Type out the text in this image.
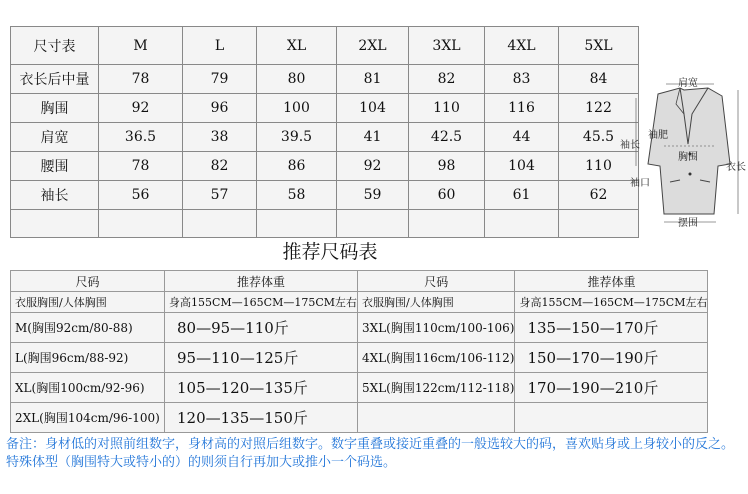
尺寸表	M	L	XL	2XL	3XL	4XL	5XL
衣长后中量	78	79	80	81	82	83	84
胸围	92	96	100	104	110	116	122
肩宽	36.5	38	39.5	41	42.5	44	45.5
腰围	78	82	86	92	98	104	110
袖长	56	57	58	59	60	61	62

肩宽
袖肥
胸围
袖长
袖口
衣长
摆围
推荐尺码表
尺码	推荐体重	尺码	推荐体重
衣服胸围/人体胸围	身高155CM—165CM—175CM左右	衣服胸围/人体胸围	身高155CM—165CM—175CM左右
M(胸围92cm/80-88)	80—95—110斤	3XL(胸围110cm/100-106)	135—150—170斤
L(胸围96cm/88-92)	95—110—125斤	4XL(胸围116cm/106-112)	150—170—190斤
XL(胸围100cm/92-96)	105—120—135斤	5XL(胸围122cm/112-118)	170—190—210斤
2XL(胸围104cm/96-100)	120—135—150斤		
备注：身材低的对照前组数字，身材高的对照后组数字。数字重叠或接近重叠的一般选较大的码，喜欢贴身或上身较小的反之。特殊体型（胸围特大或特小的）的则须自行再加大或推小一个码选。
